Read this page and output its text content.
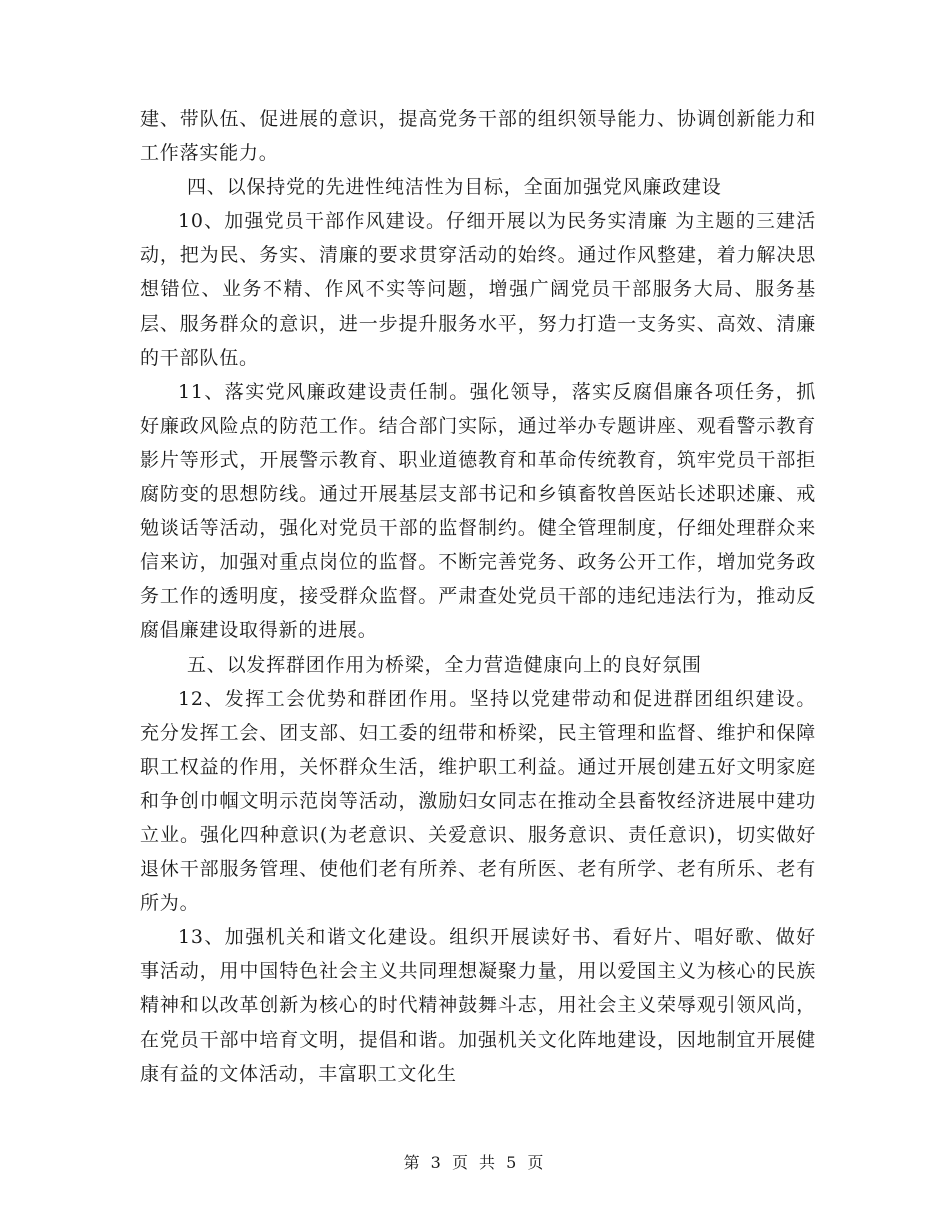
建、带队伍、促进展的意识，提高党务干部的组织领导能力、协调创新能力和工作落实能力。

四、以保持党的先进性纯洁性为目标，全面加强党风廉政建设

10、加强党员干部作风建设。仔细开展以为民务实清廉 为主题的三建活动，把为民、务实、清廉的要求贯穿活动的始终。通过作风整建，着力解决思想错位、业务不精、作风不实等问题，增强广阔党员干部服务大局、服务基层、服务群众的意识，进一步提升服务水平，努力打造一支务实、高效、清廉的干部队伍。

11、落实党风廉政建设责任制。强化领导，落实反腐倡廉各项任务，抓好廉政风险点的防范工作。结合部门实际，通过举办专题讲座、观看警示教育影片等形式，开展警示教育、职业道德教育和革命传统教育，筑牢党员干部拒腐防变的思想防线。通过开展基层支部书记和乡镇畜牧兽医站长述职述廉、戒勉谈话等活动，强化对党员干部的监督制约。健全管理制度，仔细处理群众来信来访，加强对重点岗位的监督。不断完善党务、政务公开工作，增加党务政务工作的透明度，接受群众监督。严肃查处党员干部的违纪违法行为，推动反腐倡廉建设取得新的进展。

五、以发挥群团作用为桥梁，全力营造健康向上的良好氛围

12、发挥工会优势和群团作用。坚持以党建带动和促进群团组织建设。充分发挥工会、团支部、妇工委的纽带和桥梁，民主管理和监督、维护和保障职工权益的作用，关怀群众生活，维护职工利益。通过开展创建五好文明家庭和争创巾帼文明示范岗等活动，激励妇女同志在推动全县畜牧经济进展中建功立业。强化四种意识(为老意识、关爱意识、服务意识、责任意识)，切实做好退休干部服务管理、使他们老有所养、老有所医、老有所学、老有所乐、老有所为。

13、加强机关和谐文化建设。组织开展读好书、看好片、唱好歌、做好事活动，用中国特色社会主义共同理想凝聚力量，用以爱国主义为核心的民族精神和以改革创新为核心的时代精神鼓舞斗志，用社会主义荣辱观引领风尚，在党员干部中培育文明，提倡和谐。加强机关文化阵地建设，因地制宜开展健康有益的文体活动，丰富职工文化生

第 3 页 共 5 页
